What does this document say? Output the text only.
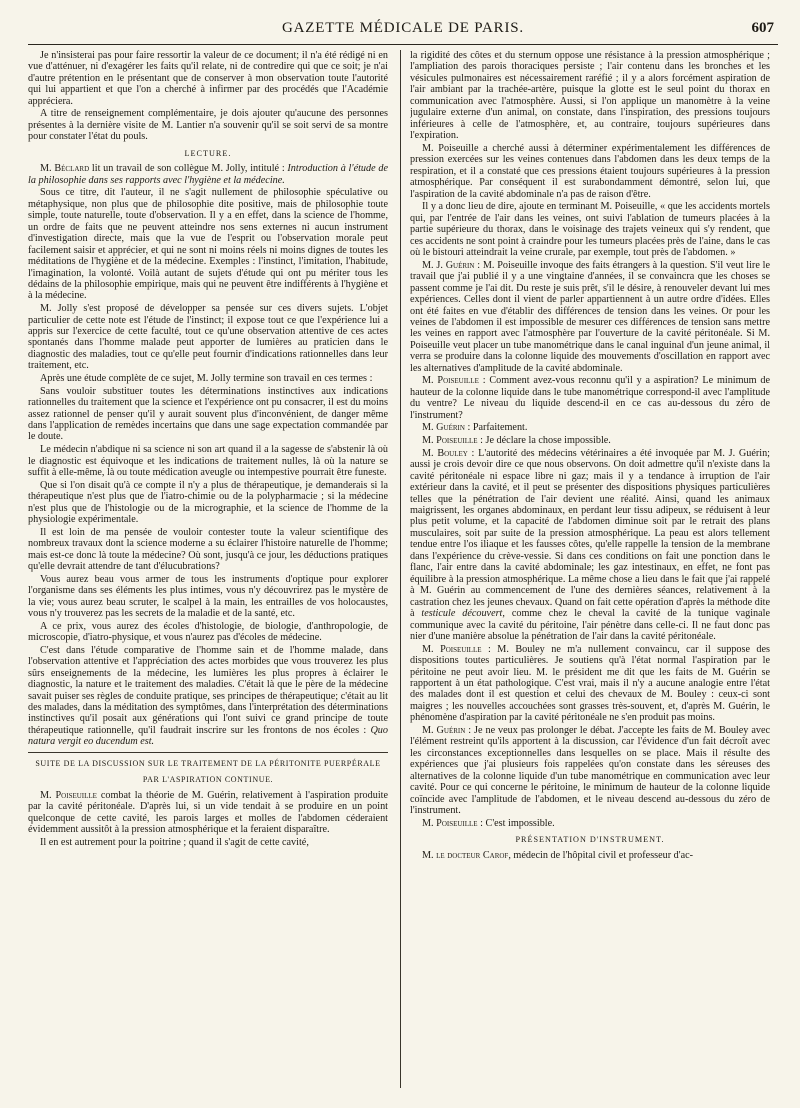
GAZETTE MÉDICALE DE PARIS.	607

Je n'insisterai pas pour faire ressortir la valeur de ce document; il n'a été rédigé ni en vue d'atténuer, ni d'exagérer les faits qu'il relate, ni de contredire qui que ce soit; je n'ai d'autre prétention en le présentant que de conserver à mon observation toute l'autorité qui lui appartient et que l'on a cherché à infirmer par des procédés que l'Académie appréciera.

A titre de renseignement complémentaire, je dois ajouter qu'aucune des personnes présentes à la dernière visite de M. Lantier n'a souvenir qu'il se soit servi de sa montre pour constater l'état du pouls.

LECTURE.

M. Béclard lit un travail de son collègue M. Jolly, intitulé : Introduction à l'étude de la philosophie dans ses rapports avec l'hygiène et la médecine.

Sous ce titre, dit l'auteur, il ne s'agit nullement de philosophie spéculative ou métaphysique, non plus que de philosophie dite positive, mais de philosophie toute simple, toute naturelle, toute d'observation. Il y a en effet, dans la science de l'homme, un ordre de faits que ne peuvent atteindre nos sens externes ni aucun instrument d'investigation directe, mais que la vue de l'esprit ou l'observation morale peut facilement saisir et apprécier, et qui ne sont ni moins réels ni moins dignes de toutes les méditations de l'hygiène et de la médecine. Exemples : l'instinct, l'imitation, l'habitude, l'imagination, la volonté. Voilà autant de sujets d'étude qui ont pu mériter tous les dédains de la philosophie empirique, mais qui ne peuvent être indifférents à l'hygiène et à la médecine.

M. Jolly s'est proposé de développer sa pensée sur ces divers sujets. L'objet particulier de cette note est l'étude de l'instinct; il expose tout ce que l'expérience lui a appris sur l'exercice de cette faculté, tout ce qu'une observation attentive de ces actes spontanés dans l'homme malade peut apporter de lumières au praticien dans le diagnostic des maladies, tout ce qu'elle peut fournir d'indications rationnelles dans leur traitement, etc.

Après une étude complète de ce sujet, M. Jolly termine son travail en ces termes :

Sans vouloir substituer toutes les déterminations instinctives aux indications rationnelles du traitement que la science et l'expérience ont pu consacrer, il est du moins assez rationnel de penser qu'il y aurait souvent plus d'inconvénient, de danger même dans l'application de remèdes incertains que dans une sage expectation commandée par le doute.

Le médecin n'abdique ni sa science ni son art quand il a la sagesse de s'abstenir là où le diagnostic est équivoque et les indications de traitement nulles, là où la nature se suffit à elle-même, là ou toute médication aveugle ou intempestive pourrait être funeste.

Que si l'on disait qu'à ce compte il n'y a plus de thérapeutique, je demanderais si la thérapeutique n'est plus que de l'iatro-chimie ou de la polypharmacie ; si la médecine n'est plus que de l'histologie ou de la micrographie, et la science de l'homme de la physiologie expérimentale.

Il est loin de ma pensée de vouloir contester toute la valeur scientifique des nombreux travaux dont la science moderne a su éclairer l'histoire naturelle de l'homme; mais est-ce donc là toute la médecine? Où sont, jusqu'à ce jour, les déductions pratiques qu'elle devrait attendre de tant d'élucubrations?

Vous aurez beau vous armer de tous les instruments d'optique pour explorer l'organisme dans ses éléments les plus intimes, vous n'y découvrirez pas le mystère de la vie; vous aurez beau scruter, le scalpel à la main, les entrailles de vos holocaustes, vous n'y trouverez pas les secrets de la maladie et de la santé, etc.

A ce prix, vous aurez des écoles d'histologie, de biologie, d'anthropologie, de microscopie, d'iatro-physique, et vous n'aurez pas d'écoles de médecine.

C'est dans l'étude comparative de l'homme sain et de l'homme malade, dans l'observation attentive et l'appréciation des actes morbides que vous trouverez les plus sûrs enseignements de la médecine, les lumières les plus propres à éclairer le diagnostic, la nature et le traitement des maladies. C'était là que le père de la médecine savait puiser ses règles de conduite pratique, ses principes de thérapeutique; c'était au lit des malades, dans la méditation des symptômes, dans l'interprétation des déterminations instinctives qu'il posait aux générations qui l'ont suivi ce grand principe de toute thérapeutique rationnelle, qu'il faudrait inscrire sur les frontons de nos écoles : Quo natura vergit eo ducendum est.

SUITE DE LA DISCUSSION SUR LE TRAITEMENT DE LA PÉRITONITE PUERPÉRALE
PAR L'ASPIRATION CONTINUE.

M. Poiseuille combat la théorie de M. Guérin, relativement à l'aspiration produite par la cavité péritonéale. D'après lui, si un vide tendait à se produire en un point quelconque de cette cavité, les parois larges et molles de l'abdomen céderaient évidemment aussitôt à la pression atmosphérique et la feraient disparaître.

Il en est autrement pour la poitrine ; quand il s'agit de cette cavité,

la rigidité des côtes et du sternum oppose une résistance à la pression atmosphérique ; l'ampliation des parois thoraciques persiste ; l'air contenu dans les bronches et les vésicules pulmonaires est nécessairement raréfié ; il y a alors forcément aspiration de l'air ambiant par la trachée-artère, puisque la glotte est le seul point du thorax en communication avec l'atmosphère. Aussi, si l'on applique un manomètre à la veine jugulaire externe d'un animal, on constate, dans l'inspiration, des pressions toujours inférieures à celle de l'atmosphère, et, au contraire, toujours supérieures dans l'expiration.

M. Poiseuille a cherché aussi à déterminer expérimentalement les différences de pression exercées sur les veines contenues dans l'abdomen dans les deux temps de la respiration, et il a constaté que ces pressions étaient toujours supérieures à la pression atmosphérique. Par conséquent il est surabondamment démontré, selon lui, que l'aspiration de la cavité abdominale n'a pas de raison d'être.

Il y a donc lieu de dire, ajoute en terminant M. Poiseuille, « que les accidents mortels qui, par l'entrée de l'air dans les veines, ont suivi l'ablation de tumeurs placées à la partie supérieure du thorax, dans le voisinage des trajets veineux qui s'y rendent, que ces accidents ne sont point à craindre pour les tumeurs placées près de l'aine, dans le cas où le bistouri atteindrait la veine crurale, par exemple, tout près de l'abdomen. »

M. J. Guérin : M. Poiseuille invoque des faits étrangers à la question. S'il veut lire le travail que j'ai publié il y a une vingtaine d'années, il se convaincra que les choses se passent comme je l'ai dit. Du reste je suis prêt, s'il le désire, à renouveler devant lui mes expériences. Celles dont il vient de parler appartiennent à un autre ordre d'idées. Elles ont été faites en vue d'établir des différences de tension dans les veines. Or pour les veines de l'abdomen il est impossible de mesurer ces différences de tension sans mettre les veines en rapport avec l'atmosphère par l'ouverture de la cavité péritonéale. Si M. Poiseuille veut placer un tube manométrique dans le canal inguinal d'un jeune animal, il verra se produire dans la colonne liquide des mouvements d'oscillation en rapport avec les alternatives d'amplitude de la cavité abdominale.

M. Poiseuille : Comment avez-vous reconnu qu'il y a aspiration? Le minimum de hauteur de la colonne liquide dans le tube manométrique correspond-il avec l'amplitude du ventre? Le niveau du liquide descend-il en ce cas au-dessous du zéro de l'instrument?

M. Guérin : Parfaitement.

M. Poiseuille : Je déclare la chose impossible.

M. Bouley : L'autorité des médecins vétérinaires a été invoquée par M. J. Guérin; aussi je crois devoir dire ce que nous observons. On doit admettre qu'il n'existe dans la cavité péritonéale ni espace libre ni gaz; mais il y a tendance à irruption de l'air extérieur dans la cavité, et il peut se présenter des dispositions physiques particulières telles que la pénétration de l'air devient une réalité. Ainsi, quand les animaux maigrissent, les organes abdominaux, en perdant leur tissu adipeux, se réduisent à leur plus petit volume, et la capacité de l'abdomen diminue soit par le retrait des plans musculaires, soit par suite de la pression atmosphérique. La peau est alors tellement tendue entre l'os iliaque et les fausses côtes, qu'elle rappelle la tension de la membrane dans l'expérience du crève-vessie. Si dans ces conditions on fait une ponction dans le flanc, l'air entre dans la cavité abdominale; les gaz intestinaux, en effet, ne font pas équilibre à la pression atmosphérique. La même chose a lieu dans le fait que j'ai rappelé à M. Guérin au commencement de l'une des dernières séances, relativement à la castration chez les jeunes chevaux. Quand on fait cette opération d'après la méthode dite à testicule découvert, comme chez le cheval la cavité de la tunique vaginale communique avec la cavité du péritoine, l'air pénètre dans celle-ci. Il ne faut donc pas nier d'une manière absolue la pénétration de l'air dans la cavité péritonéale.

M. Poiseuille : M. Bouley ne m'a nullement convaincu, car il suppose des dispositions toutes particulières. Je soutiens qu'à l'état normal l'aspiration par le péritoine ne peut avoir lieu. M. le président me dit que les faits de M. Guérin se rapportent à un état pathologique. C'est vrai, mais il n'y a aucune analogie entre l'état des malades dont il est question et celui des chevaux de M. Bouley : ceux-ci sont maigres ; les nouvelles accouchées sont grasses très-souvent, et, d'après M. Guérin, le phénomène d'aspiration par la cavité péritonéale ne s'en produit pas moins.

M. Guérin : Je ne veux pas prolonger le débat. J'accepte les faits de M. Bouley avec l'élément restreint qu'ils apportent à la discussion, car l'évidence d'un fait décroît avec les circonstances exceptionnelles dans lesquelles on se place. Mais il résulte des expériences que j'ai plusieurs fois rappelées qu'on constate dans les séreuses des alternatives de la colonne liquide d'un tube manométrique en communication avec leur cavité. Pour ce qui concerne le péritoine, le minimum de hauteur de la colonne liquide coïncide avec l'amplitude de l'abdomen, et le niveau descend au-dessous du zéro de l'instrument.

M. Poiseuille : C'est impossible.

PRÉSENTATION D'INSTRUMENT.

M. le docteur Carof, médecin de l'hôpital civil et professeur d'ac-
